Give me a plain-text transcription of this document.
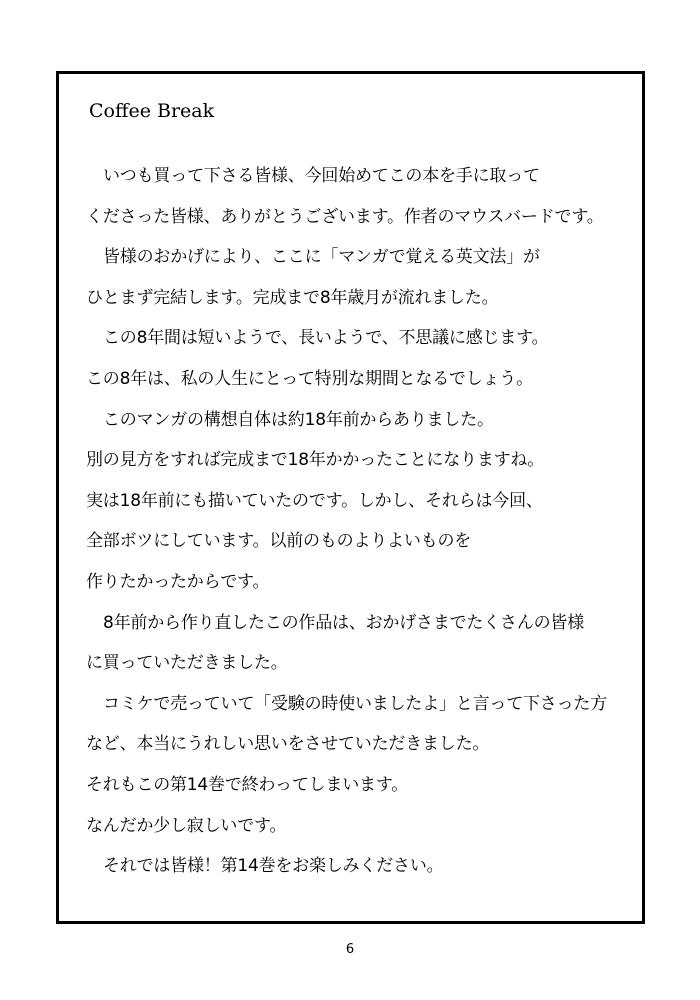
Coffee Break
いつも買って下さる皆様、今回始めてこの本を手に取って
くださった皆様、ありがとうございます。作者のマウスバードです。
皆様のおかげにより、ここに「マンガで覚える英文法」が
ひとまず完結します。完成まで8年歳月が流れました。
この8年間は短いようで、長いようで、不思議に感じます。
この8年は、私の人生にとって特別な期間となるでしょう。
このマンガの構想自体は約18年前からありました。
別の見方をすれば完成まで18年かかったことになりますね。
実は18年前にも描いていたのです。しかし、それらは今回、
全部ボツにしています。以前のものよりよいものを
作りたかったからです。
8年前から作り直したこの作品は、おかげさまでたくさんの皆様
に買っていただきました。
コミケで売っていて「受験の時使いましたよ」と言って下さった方
など、本当にうれしい思いをさせていただきました。
それもこの第14巻で終わってしまいます。
なんだか少し寂しいです。
それでは皆様！第14巻をお楽しみください。
6
